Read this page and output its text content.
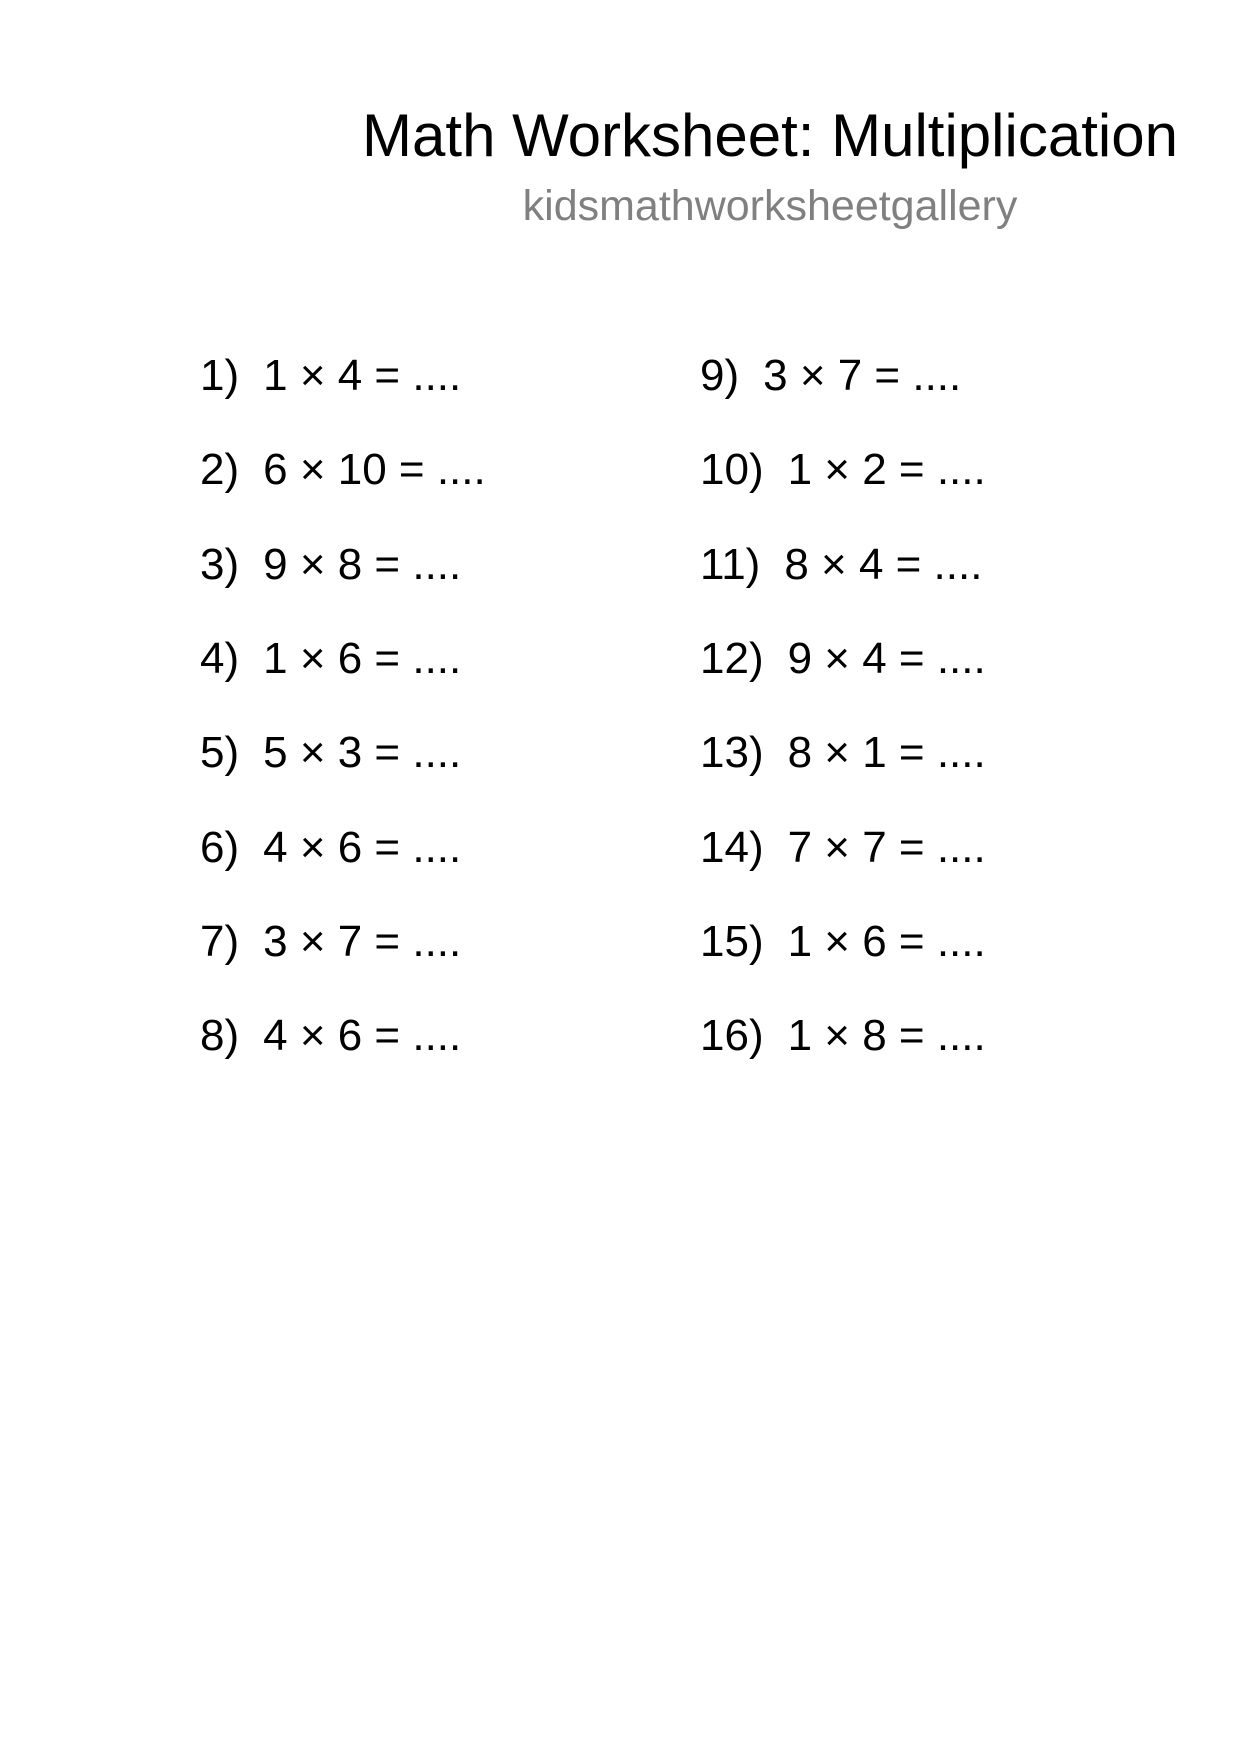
Math Worksheet: Multiplication
kidsmathworksheetgallery
1) 1 × 4 = ....
2) 6 × 10 = ....
3) 9 × 8 = ....
4) 1 × 6 = ....
5) 5 × 3 = ....
6) 4 × 6 = ....
7) 3 × 7 = ....
8) 4 × 6 = ....
9) 3 × 7 = ....
10) 1 × 2 = ....
11) 8 × 4 = ....
12) 9 × 4 = ....
13) 8 × 1 = ....
14) 7 × 7 = ....
15) 1 × 6 = ....
16) 1 × 8 = ....
